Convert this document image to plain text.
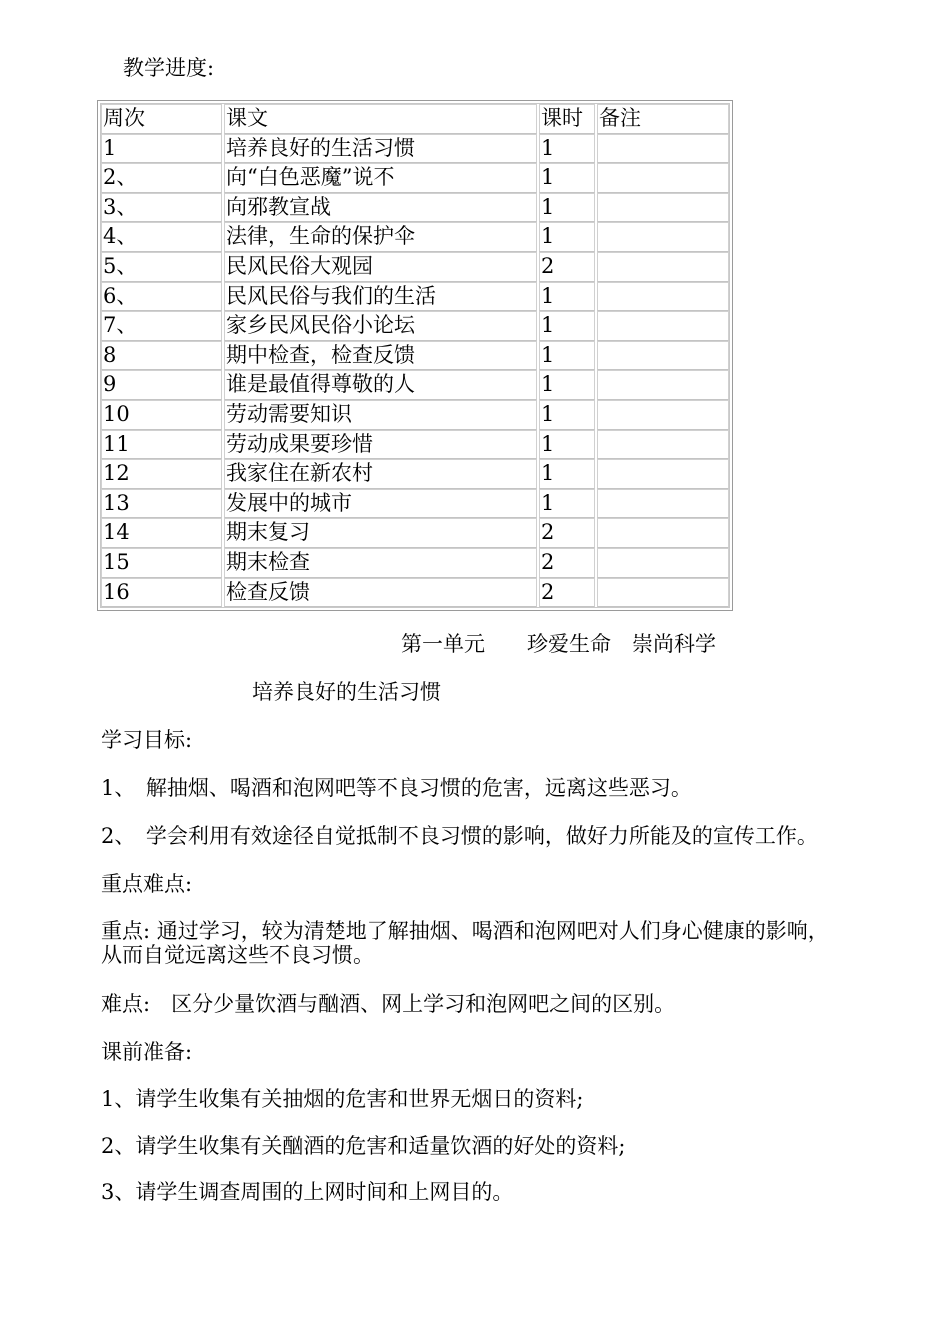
教学进度:
周次	课文	课时 备注
1	培养良好的生活习惯	1
2、	向“白色恶魔”说不	1
3、	向邪教宣战	1
4、	法律，生命的保护伞	1
5、	民风民俗大观园	2
6、	民风民俗与我们的生活	1
7、	家乡民风民俗小论坛	1
8	期中检查，检查反馈	1
9	谁是最值得尊敬的人	1
10	劳动需要知识	1
11	劳动成果要珍惜	1
12	我家住在新农村	1
13	发展中的城市	1
14	期末复习	2
15	期末检查	2
16	检查反馈	2
第一单元　　珍爱生命　崇尚科学
培养良好的生活习惯
学习目标:
1、　解抽烟、喝酒和泡网吧等不良习惯的危害，远离这些恶习。
2、　学会利用有效途径自觉抵制不良习惯的影响，做好力所能及的宣传工作。
重点难点:
重点: 通过学习，较为清楚地了解抽烟、喝酒和泡网吧对人们身心健康的影响，
从而自觉远离这些不良习惯。
难点:　区分少量饮酒与酗酒、网上学习和泡网吧之间的区别。
课前准备:
1、请学生收集有关抽烟的危害和世界无烟日的资料;
2、请学生收集有关酗酒的危害和适量饮酒的好处的资料;
3、请学生调查周围的上网时间和上网目的。
